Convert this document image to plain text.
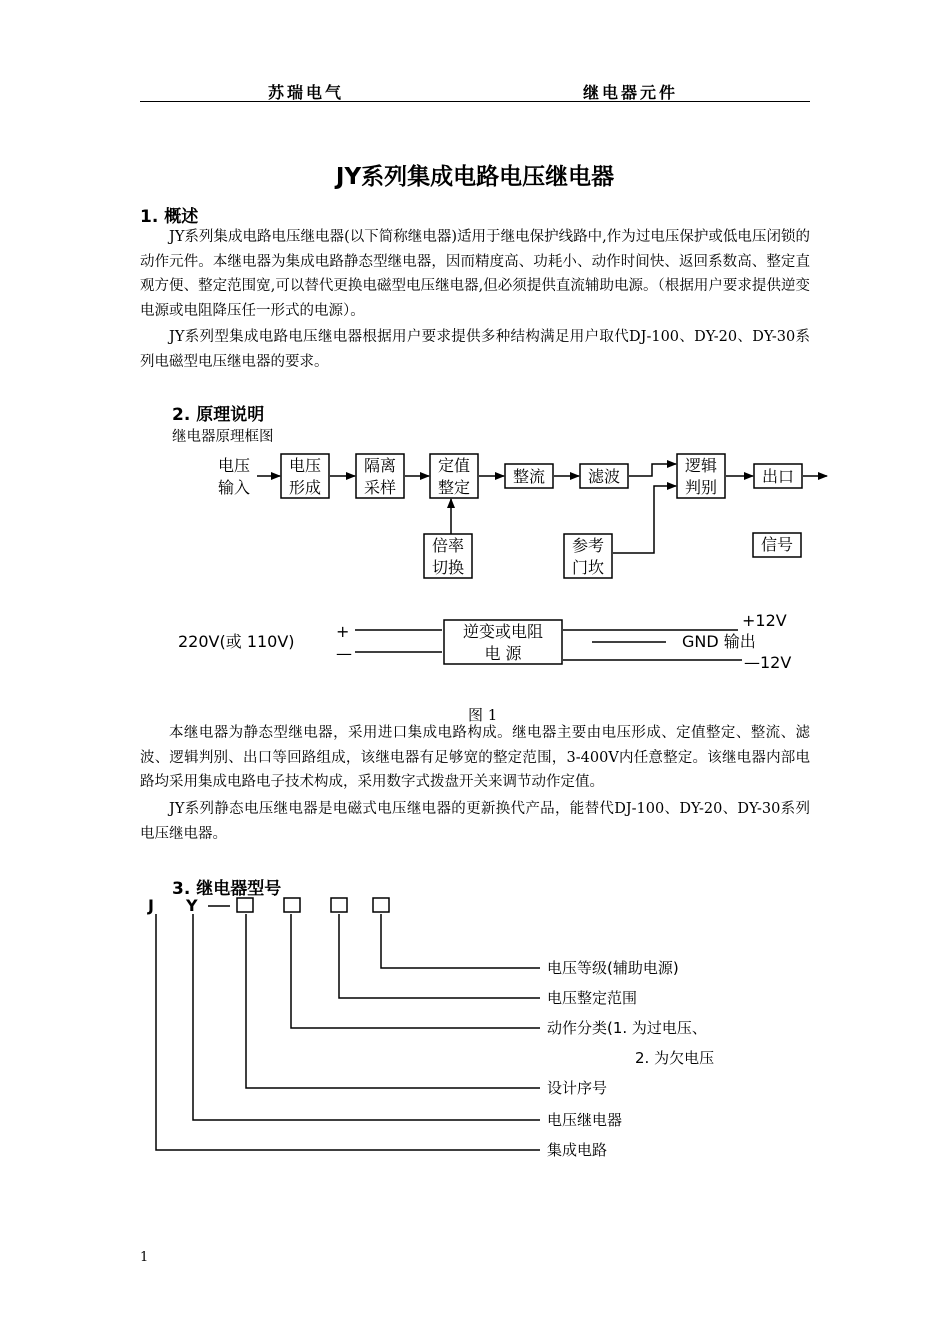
苏瑞电气	继电器元件
JY系列集成电路电压继电器
1. 概述

JY系列集成电路电压继电器(以下简称继电器)适用于继电保护线路中,作为过电压保护或低电压闭锁的动作元件。本继电器为集成电路静态型继电器，因而精度高、功耗小、动作时间快、返回系数高、整定直观方便、整定范围宽,可以替代更换电磁型电压继电器,但必须提供直流辅助电源。（根据用户要求提供逆变电源或电阻降压任一形式的电源）。

JY系列型集成电路电压继电器根据用户要求提供多种结构满足用户取代DJ-100、DY-20、DY-30系列电磁型电压继电器的要求。

2. 原理说明
继电器原理框图
电压
输入
电压
形成
隔离
采样
定值
整定
整流	滤波
逻辑
判别
出口
倍率
切换
参考
门坎
信号
逆变或电阻
电 源
220V(或 110V)
+
—
+12V
GND 输出
—12V
图 1

本继电器为静态型继电器，采用进口集成电路构成。继电器主要由电压形成、定值整定、整流、滤波、逻辑判别、出口等回路组成，该继电器有足够宽的整定范围，3-400V内任意整定。该继电器内部电路均采用集成电路电子技术构成，采用数字式拨盘开关来调节动作定值。

JY系列静态电压继电器是电磁式电压继电器的更新换代产品，能替代DJ-100、DY-20、DY-30系列电压继电器。

3. 继电器型号
J Y
电压等级(辅助电源)
电压整定范围
动作分类(1. 为过电压、
2. 为欠电压
设计序号
电压继电器
集成电路
1
